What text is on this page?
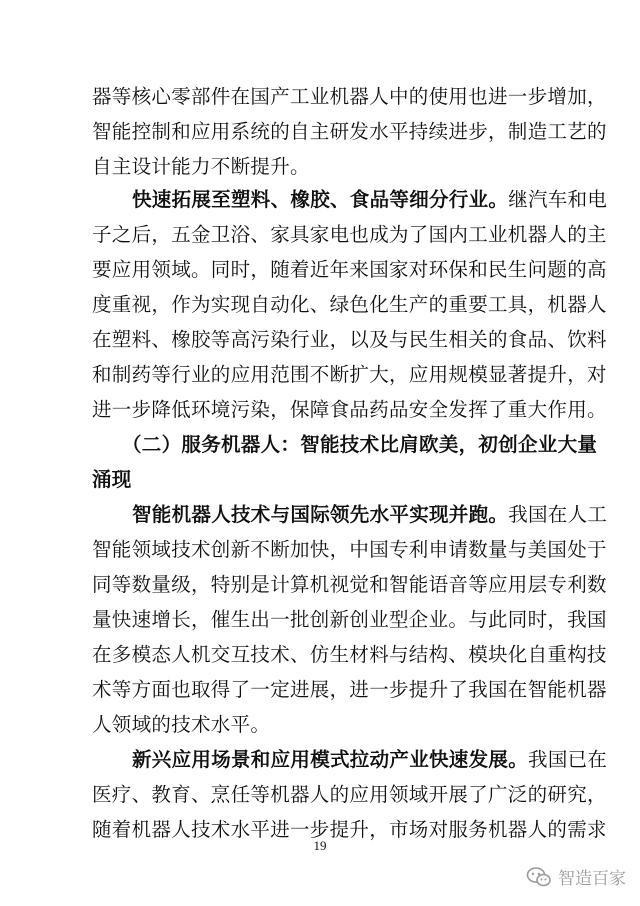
器等核心零部件在国产工业机器人中的使用也进一步增加，
智能控制和应用系统的自主研发水平持续进步，制造工艺的
自主设计能力不断提升。
快速拓展至塑料、橡胶、食品等细分行业。继汽车和电
子之后，五金卫浴、家具家电也成为了国内工业机器人的主
要应用领域。同时，随着近年来国家对环保和民生问题的高
度重视，作为实现自动化、绿色化生产的重要工具，机器人
在塑料、橡胶等高污染行业，以及与民生相关的食品、饮料
和制药等行业的应用范围不断扩大，应用规模显著提升，对
进一步降低环境污染，保障食品药品安全发挥了重大作用。
（二）服务机器人：智能技术比肩欧美，初创企业大量
涌现
智能机器人技术与国际领先水平实现并跑。我国在人工
智能领域技术创新不断加快，中国专利申请数量与美国处于
同等数量级，特别是计算机视觉和智能语音等应用层专利数
量快速增长，催生出一批创新创业型企业。与此同时，我国
在多模态人机交互技术、仿生材料与结构、模块化自重构技
术等方面也取得了一定进展，进一步提升了我国在智能机器
人领域的技术水平。
新兴应用场景和应用模式拉动产业快速发展。我国已在
医疗、教育、烹任等机器人的应用领域开展了广泛的研究，
随着机器人技术水平进一步提升，市场对服务机器人的需求
19
智造百家
